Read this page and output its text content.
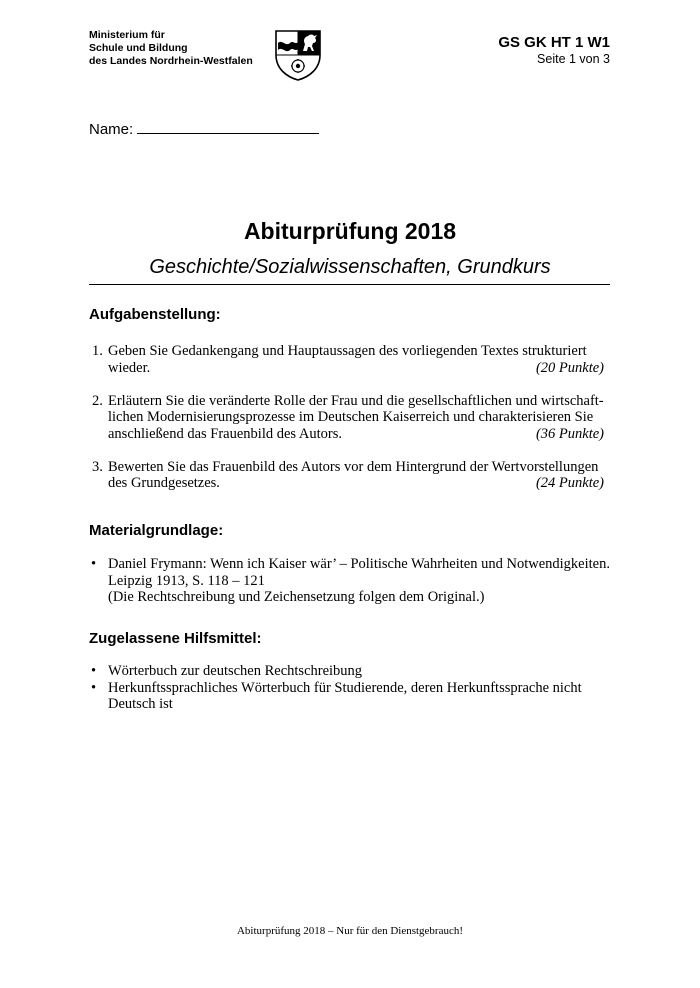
Ministerium für
Schule und Bildung
des Landes Nordrhein-Westfalen
GS GK HT 1 W1
Seite 1 von 3
Name:
Abiturprüfung 2018
Geschichte/Sozialwissenschaften, Grundkurs
Aufgabenstellung:
1. Geben Sie Gedankengang und Hauptaussagen des vorliegenden Textes strukturiert
(20 Punkte)
wieder.
2. Erläutern Sie die veränderte Rolle der Frau und die gesellschaftlichen und wirtschaft-
lichen Modernisierungsprozesse im Deutschen Kaiserreich und charakterisieren Sie
(36 Punkte)
anschließend das Frauenbild des Autors.
3. Bewerten Sie das Frauenbild des Autors vor dem Hintergrund der Wertvorstellungen
(24 Punkte)
des Grundgesetzes.
Materialgrundlage:
• Daniel Frymann: Wenn ich Kaiser wär’ – Politische Wahrheiten und Notwendigkeiten.
Leipzig 1913, S. 118 – 121
(Die Rechtschreibung und Zeichensetzung folgen dem Original.)
Zugelassene Hilfsmittel:
• Wörterbuch zur deutschen Rechtschreibung
• Herkunftssprachliches Wörterbuch für Studierende, deren Herkunftssprache nicht
Deutsch ist
Abiturprüfung 2018 – Nur für den Dienstgebrauch!
